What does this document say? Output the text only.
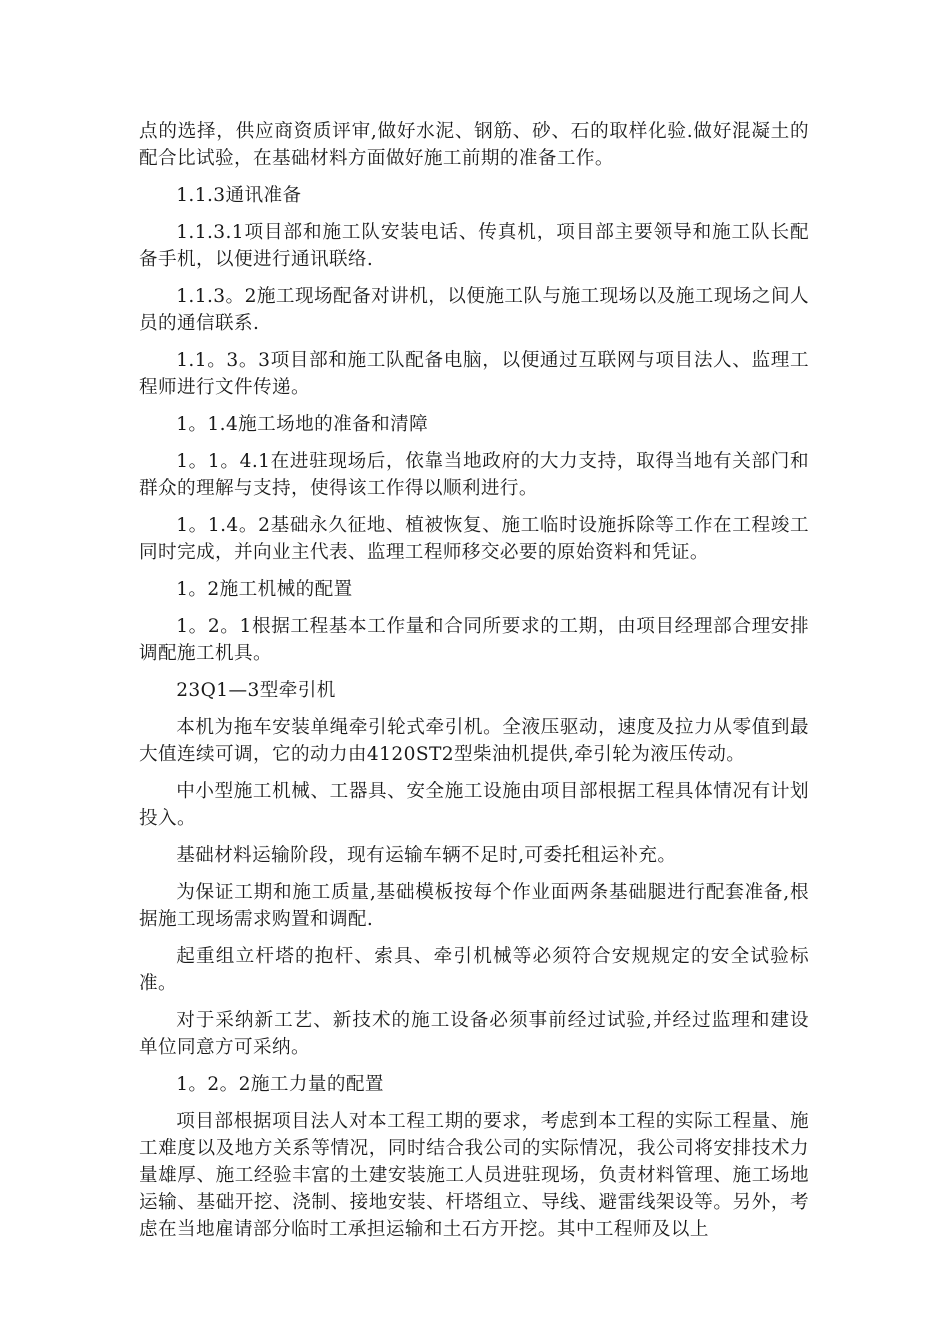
点的选择，供应商资质评审,做好水泥、钢筋、砂、石的取样化验.做好混凝土的配合比试验，在基础材料方面做好施工前期的准备工作。

1.1.3通讯准备

1.1.3.1项目部和施工队安装电话、传真机，项目部主要领导和施工队长配备手机，以便进行通讯联络.

1.1.3。2施工现场配备对讲机，以便施工队与施工现场以及施工现场之间人员的通信联系.

1.1。3。3项目部和施工队配备电脑，以便通过互联网与项目法人、监理工程师进行文件传递。

1。1.4施工场地的准备和清障

1。1。4.1在进驻现场后，依靠当地政府的大力支持，取得当地有关部门和群众的理解与支持，使得该工作得以顺利进行。

1。1.4。2基础永久征地、植被恢复、施工临时设施拆除等工作在工程竣工同时完成，并向业主代表、监理工程师移交必要的原始资料和凭证。

1。2施工机械的配置

1。2。1根据工程基本工作量和合同所要求的工期，由项目经理部合理安排调配施工机具。

23Q1—3型牵引机

本机为拖车安装单绳牵引轮式牵引机。全液压驱动，速度及拉力从零值到最大值连续可调，它的动力由4120ST2型柴油机提供,牵引轮为液压传动。

中小型施工机械、工器具、安全施工设施由项目部根据工程具体情况有计划投入。

基础材料运输阶段，现有运输车辆不足时,可委托租运补充。

为保证工期和施工质量,基础模板按每个作业面两条基础腿进行配套准备,根据施工现场需求购置和调配.

起重组立杆塔的抱杆、索具、牵引机械等必须符合安规规定的安全试验标准。

对于采纳新工艺、新技术的施工设备必须事前经过试验,并经过监理和建设单位同意方可采纳。

1。2。2施工力量的配置

项目部根据项目法人对本工程工期的要求，考虑到本工程的实际工程量、施工难度以及地方关系等情况，同时结合我公司的实际情况，我公司将安排技术力量雄厚、施工经验丰富的土建安装施工人员进驻现场，负责材料管理、施工场地运输、基础开挖、浇制、接地安装、杆塔组立、导线、避雷线架设等。另外，考虑在当地雇请部分临时工承担运输和土石方开挖。其中工程师及以上
